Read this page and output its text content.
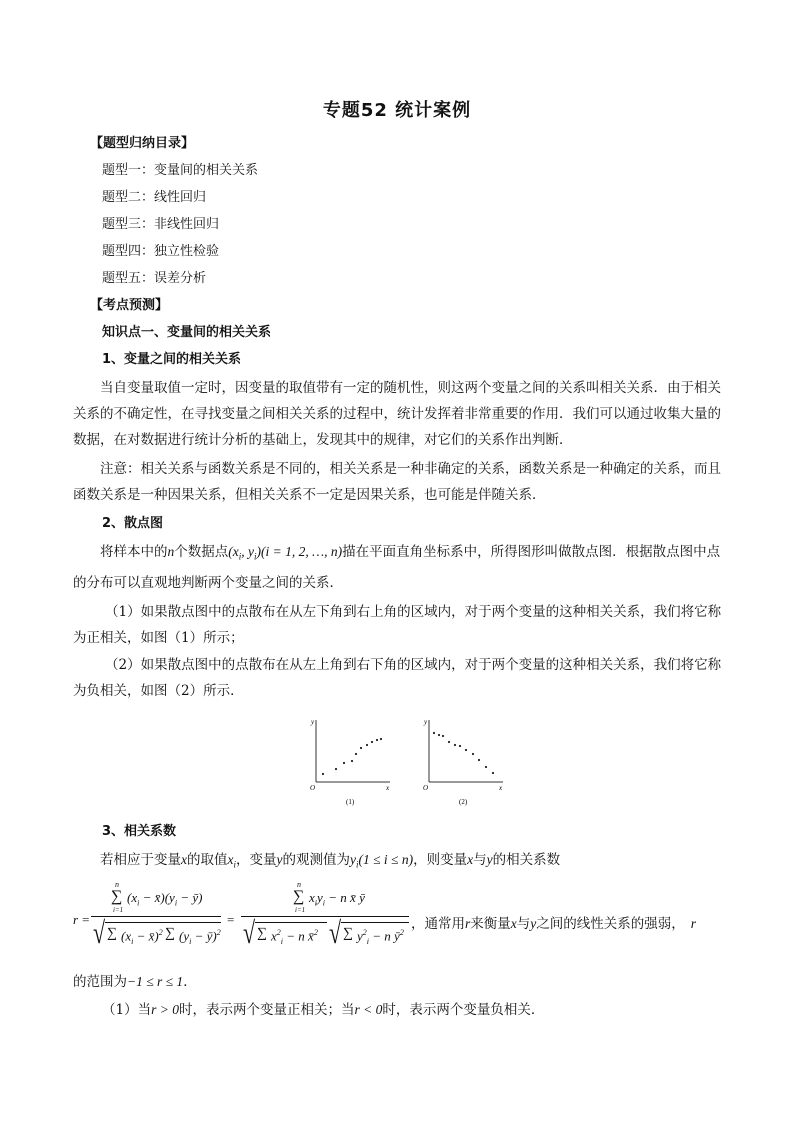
专题52 统计案例
【题型归纳目录】
题型一：变量间的相关关系
题型二：线性回归
题型三：非线性回归
题型四：独立性检验
题型五：误差分析
【考点预测】
知识点一、变量间的相关关系
1、变量之间的相关关系
当自变量取值一定时，因变量的取值带有一定的随机性，则这两个变量之间的关系叫相关关系．由于相关关系的不确定性，在寻找变量之间相关关系的过程中，统计发挥着非常重要的作用．我们可以通过收集大量的数据，在对数据进行统计分析的基础上，发现其中的规律，对它们的关系作出判断．
注意：相关关系与函数关系是不同的，相关关系是一种非确定的关系，函数关系是一种确定的关系，而且函数关系是一种因果关系，但相关关系不一定是因果关系，也可能是伴随关系．
2、散点图
将样本中的n个数据点($x_i$, $y_i)(i = 1$, 2, …, n)描在平面直角坐标系中，所得图形叫做散点图．根据散点图中点的分布可以直观地判断两个变量之间的关系．
（1）如果散点图中的点散布在从左下角到右上角的区域内，对于两个变量的这种相关关系，我们将它称为正相关，如图（1）所示；
（2）如果散点图中的点散布在从左上角到右下角的区域内，对于两个变量的这种相关关系，我们将它称为负相关，如图（2）所示．
y
x
O
(1)
y
x
O
(2)
3、相关系数
若相应于变量x的取值$x_i$，变量y的观测值为$y_i(1 \le i \le n)$，则变量x与y的相关系数
r =
n
∑
i=1
($x_i$ − $x̄)(y_i$ − ȳ)
√ ∑ ($x_i$ − x̄)$^2$ ∑ ($y_i$ − ȳ)$^2$
=
n
∑
i=1
$x_iy_i - n$ x̄ ȳ
√ ∑ $x^2_i - n$ x̄$^2$ √ ∑ $y^2_i - n$ $ȳ^2$
，通常用r来衡量x与y之间的线性关系的强弱， r
的范围为−1 ≤ r ≤ 1．
（1）当r > 0时，表示两个变量正相关；当r < 0时，表示两个变量负相关．
